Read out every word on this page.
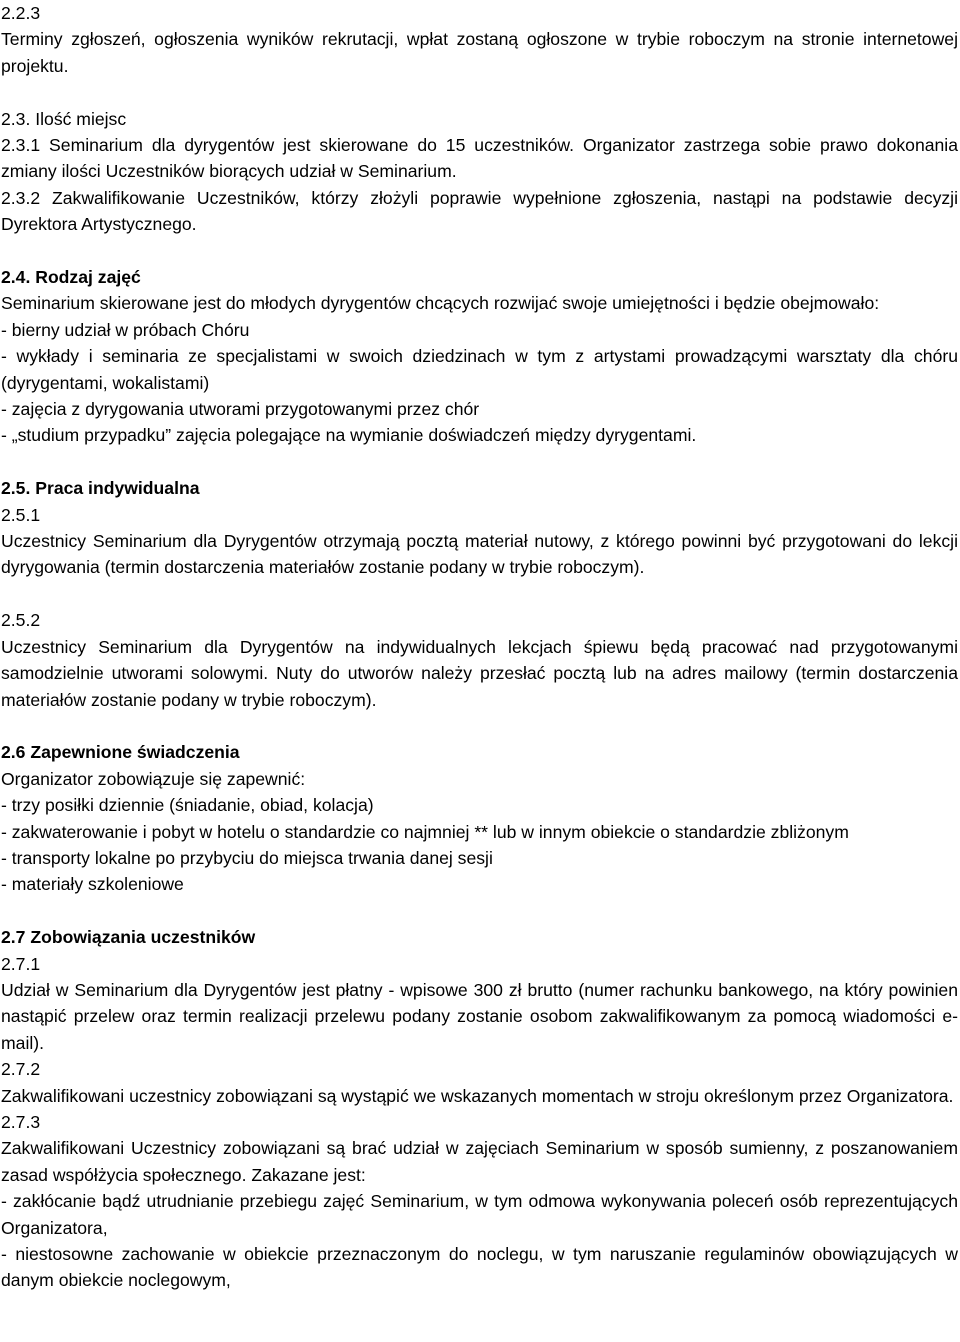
2.2.3

Terminy zgłoszeń, ogłoszenia wyników rekrutacji, wpłat zostaną ogłoszone w trybie roboczym na stronie internetowej projektu.

2.3. Ilość miejsc

2.3.1 Seminarium dla dyrygentów jest skierowane do 15 uczestników. Organizator zastrzega sobie prawo dokonania zmiany ilości Uczestników biorących udział w Seminarium.

2.3.2 Zakwalifikowanie Uczestników, którzy złożyli poprawie wypełnione zgłoszenia, nastąpi na podstawie decyzji Dyrektora Artystycznego.

2.4. Rodzaj zajęć

Seminarium skierowane jest do młodych dyrygentów chcących rozwijać swoje umiejętności i będzie obejmowało:

- bierny udział w próbach Chóru

- wykłady i seminaria ze specjalistami w swoich dziedzinach w tym z artystami prowadzącymi warsztaty dla chóru (dyrygentami, wokalistami)

- zajęcia z dyrygowania utworami przygotowanymi przez chór

- „studium przypadku” zajęcia polegające na wymianie doświadczeń między dyrygentami.

2.5. Praca indywidualna

2.5.1

Uczestnicy Seminarium dla Dyrygentów otrzymają pocztą materiał nutowy, z którego powinni być przygotowani do lekcji dyrygowania (termin dostarczenia materiałów zostanie podany w trybie roboczym).

2.5.2

Uczestnicy Seminarium dla Dyrygentów na indywidualnych lekcjach śpiewu będą pracować nad przygotowanymi samodzielnie utworami solowymi. Nuty do utworów należy przesłać pocztą lub na adres mailowy (termin dostarczenia materiałów zostanie podany w trybie roboczym).

2.6 Zapewnione świadczenia

Organizator zobowiązuje się zapewnić:

- trzy posiłki dziennie (śniadanie, obiad, kolacja)

- zakwaterowanie i pobyt w hotelu o standardzie co najmniej ** lub w innym obiekcie o standardzie zbliżonym

- transporty lokalne po przybyciu do miejsca trwania danej sesji

- materiały szkoleniowe

2.7 Zobowiązania uczestników

2.7.1

Udział w Seminarium dla Dyrygentów jest płatny - wpisowe 300 zł brutto (numer rachunku bankowego, na który powinien nastąpić przelew oraz termin realizacji przelewu podany zostanie osobom zakwalifikowanym za pomocą wiadomości e-mail).

2.7.2

Zakwalifikowani uczestnicy zobowiązani są wystąpić we wskazanych momentach w stroju określonym przez Organizatora.

2.7.3

Zakwalifikowani Uczestnicy zobowiązani są brać udział w zajęciach Seminarium w sposób sumienny, z poszanowaniem zasad współżycia społecznego. Zakazane jest:

- zakłócanie bądź utrudnianie przebiegu zajęć Seminarium, w tym odmowa wykonywania poleceń osób reprezentujących Organizatora,

- niestosowne zachowanie w obiekcie przeznaczonym do noclegu, w tym naruszanie regulaminów obowiązujących w danym obiekcie noclegowym,
